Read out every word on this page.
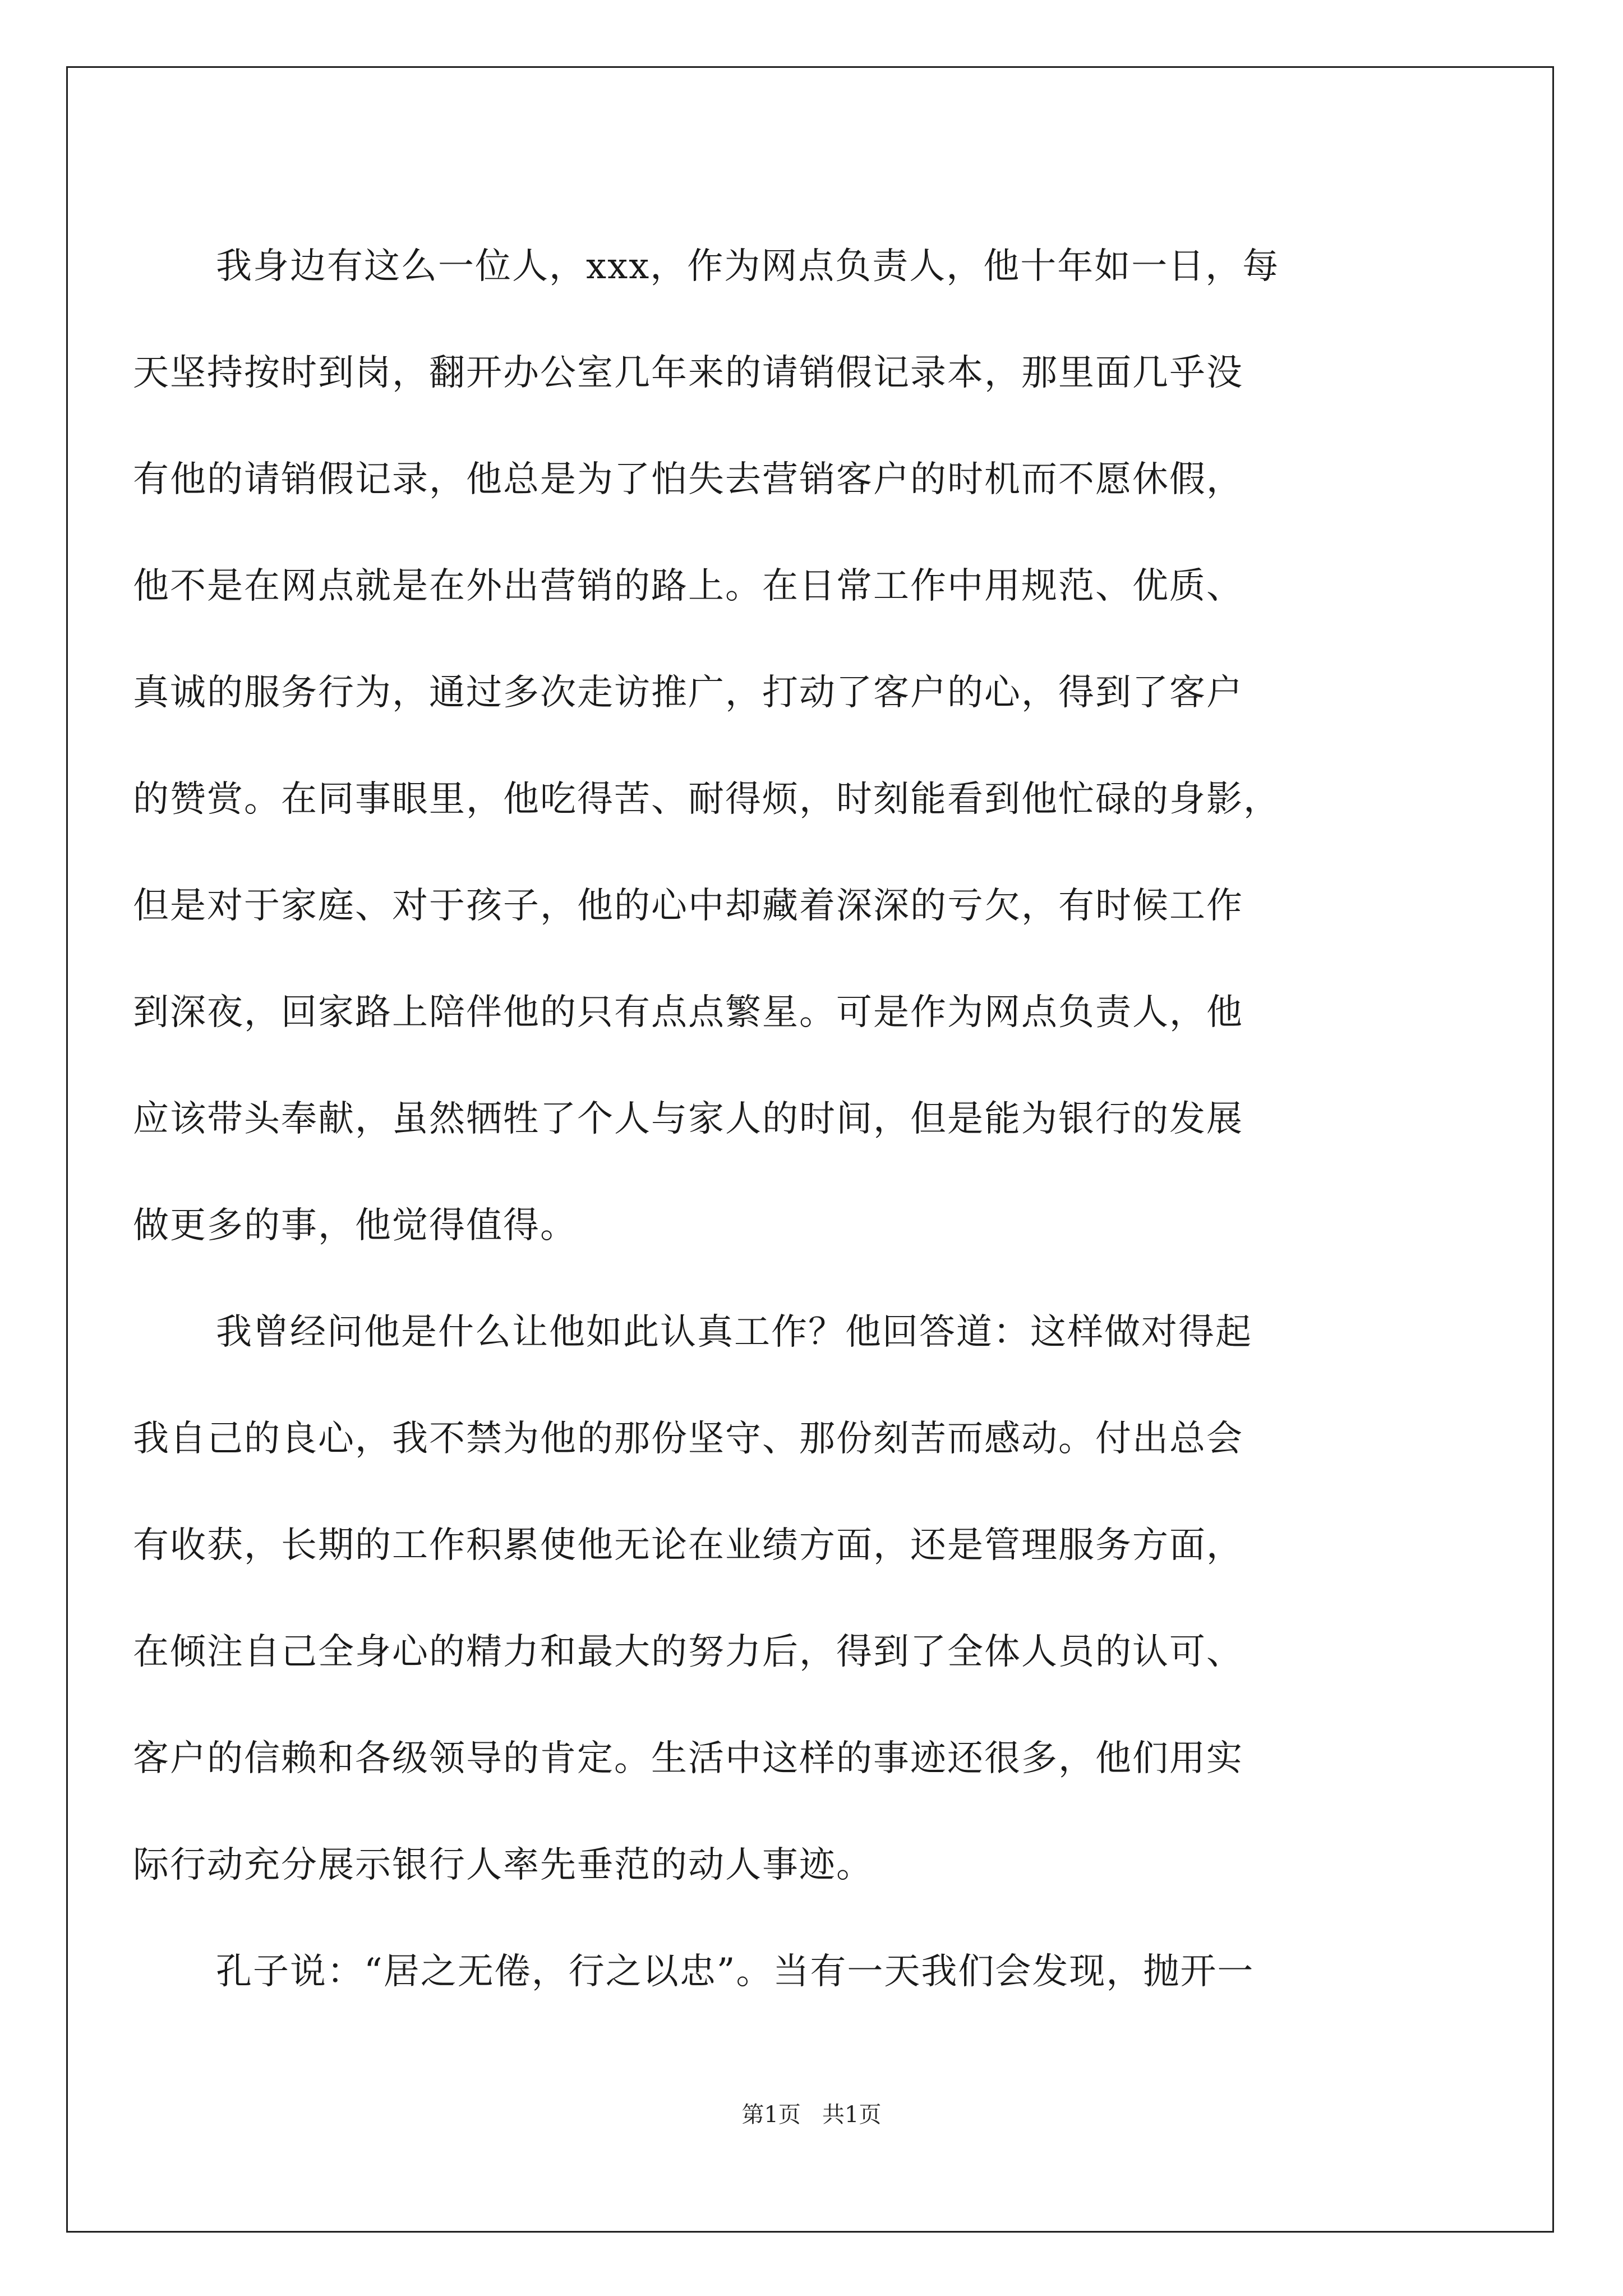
我身边有这么一位人，xxx，作为网点负责人，他十年如一日，每
天坚持按时到岗，翻开办公室几年来的请销假记录本，那里面几乎没
有他的请销假记录，他总是为了怕失去营销客户的时机而不愿休假，
他不是在网点就是在外出营销的路上。在日常工作中用规范、优质、
真诚的服务行为，通过多次走访推广，打动了客户的心，得到了客户
的赞赏。在同事眼里，他吃得苦、耐得烦，时刻能看到他忙碌的身影，
但是对于家庭、对于孩子，他的心中却藏着深深的亏欠，有时候工作
到深夜，回家路上陪伴他的只有点点繁星。可是作为网点负责人，他
应该带头奉献，虽然牺牲了个人与家人的时间，但是能为银行的发展
做更多的事，他觉得值得。
我曾经问他是什么让他如此认真工作？他回答道：这样做对得起
我自己的良心，我不禁为他的那份坚守、那份刻苦而感动。付出总会
有收获，长期的工作积累使他无论在业绩方面，还是管理服务方面，
在倾注自己全身心的精力和最大的努力后，得到了全体人员的认可、
客户的信赖和各级领导的肯定。生活中这样的事迹还很多，他们用实
际行动充分展示银行人率先垂范的动人事迹。
孔子说：“居之无倦，行之以忠”。当有一天我们会发现，抛开一
第1页   共1页
